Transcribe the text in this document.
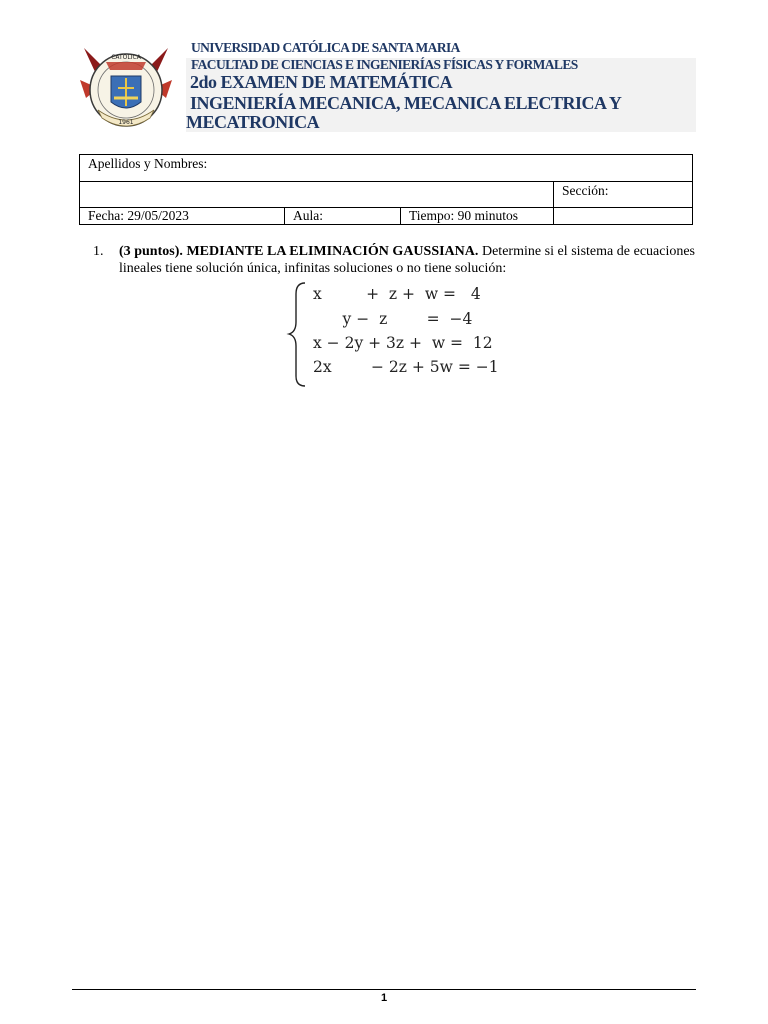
CATOLICA
1961
UNIVERSIDAD CATÓLICA DE SANTA MARIA
FACULTAD DE CIENCIAS E INGENIERÍAS FÍSICAS Y FORMALES
2do EXAMEN DE MATEMÁTICA
INGENIERÍA MECANICA, MECANICA ELECTRICA Y
MECATRONICA
Apellidos y Nombres:			
			Sección:
Fecha: 29/05/2023	Aula:	Tiempo: 90 minutos	
1. (3 puntos). MEDIANTE LA ELIMINACIÓN GAUSSIANA. Determine si el sistema de ecuaciones lineales tiene solución única, infinitas soluciones o no tiene solución:
x         +  z +  w =   4
y −  z        =  −4
x − 2y + 3z +  w =  12
2x        − 2z + 5w = −1
1
